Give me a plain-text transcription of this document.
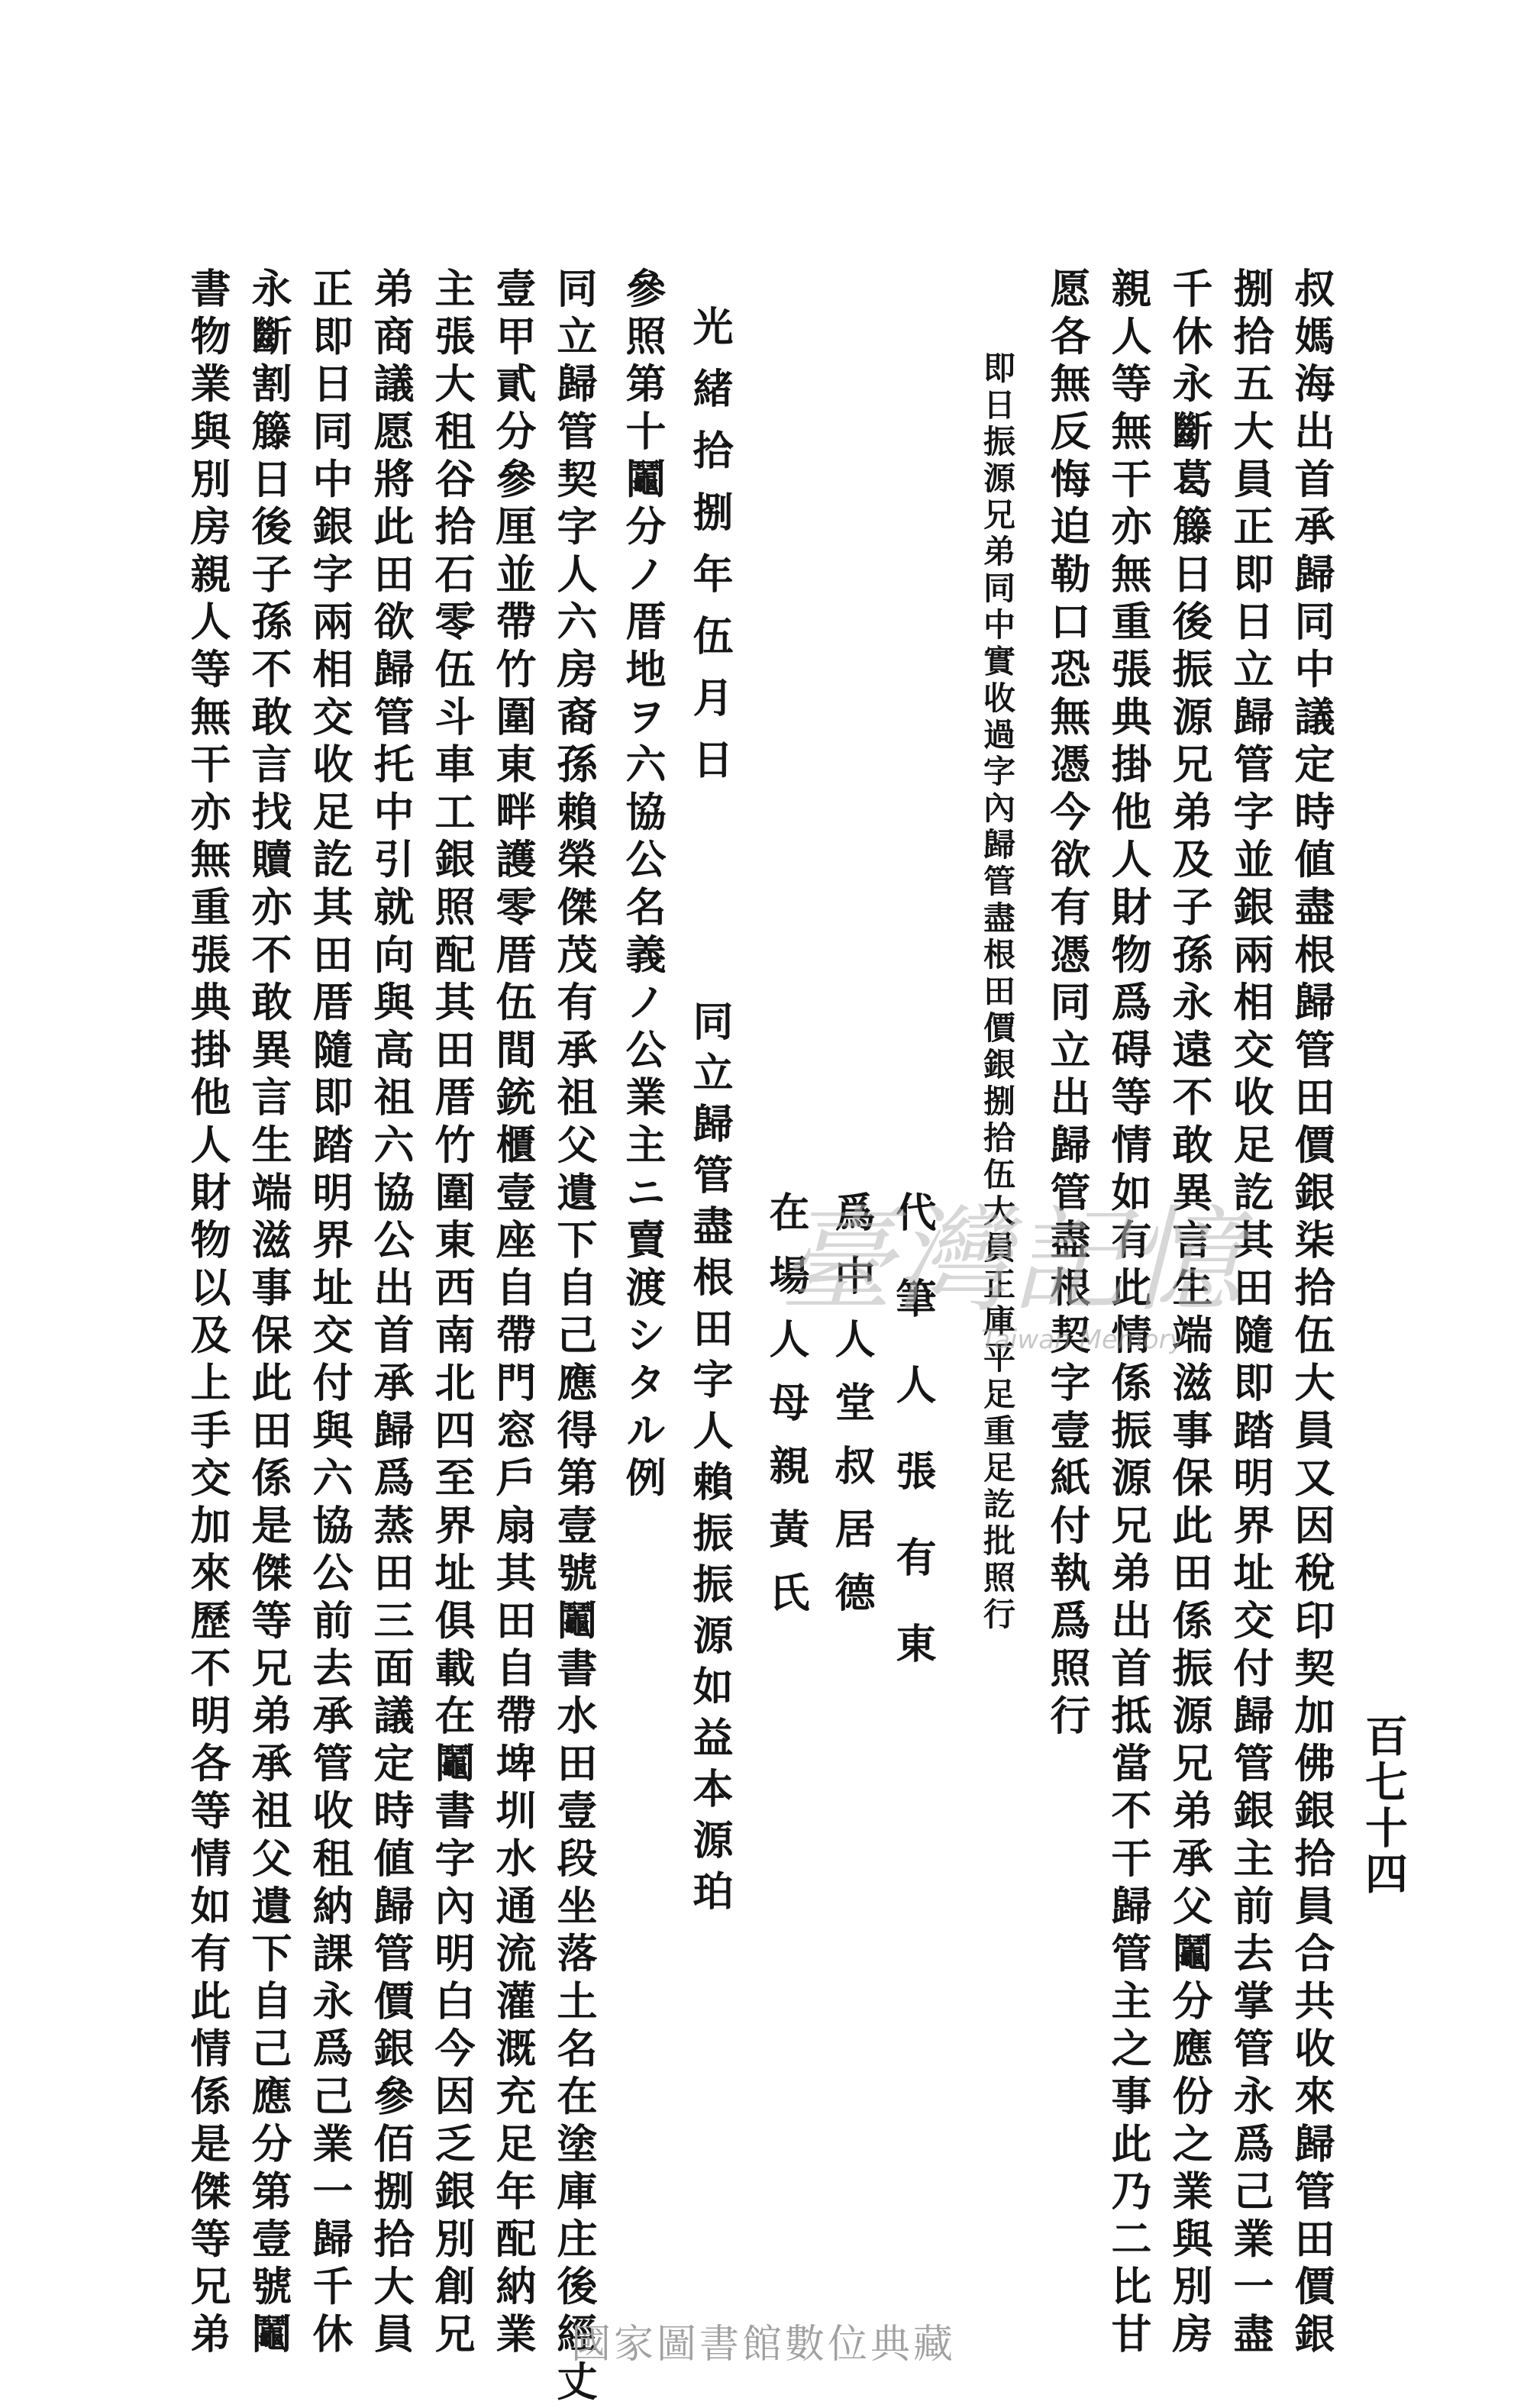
百七十四
叔媽海出首承歸同中議定時値盡根歸管田價銀柒拾伍大員又因稅印契加佛銀拾員合共收來歸管田價銀
捌拾五大員正即日立歸管字並銀兩相交收足訖其田隨即踏明界址交付歸管銀主前去掌管永爲己業一盡
千休永斷葛籐日後振源兄弟及子孫永遠不敢異言生端滋事保此田係振源兄弟承父鬮分應份之業與別房
親人等無干亦無重張典掛他人財物爲碍等情如有此情係振源兄弟出首抵當不干歸管主之事此乃二比甘
愿各無反悔迫勒口恐無憑今欲有憑同立出歸管盡根契字壹紙付執爲照行
即日振源兄弟同中實收過字內歸管盡根田價銀捌拾伍大員正庫平足重足訖批照行
代筆人張有東
爲中人堂叔居德
在場人母親黃氏
光緒拾捌年伍月日
同立歸管盡根田字人賴振振源如益本源珀
參照第十鬮分ノ厝地ヲ六協公名義ノ公業主ニ賣渡シタル例
同立歸管契字人六房裔孫賴榮傑茂有承祖父遺下自己應得第壹號鬮書水田壹段坐落土名在塗庫庄後經丈
壹甲貳分參厘並帶竹圍東畔護零厝伍間銃櫃壹座自帶門窓戶扇其田自帶埤圳水通流灌溉充足年配納業
主張大租谷拾石零伍斗車工銀照配其田厝竹圍東西南北四至界址俱載在鬮書字內明白今因乏銀別創兄
弟商議愿將此田欲歸管托中引就向與高祖六協公出首承歸爲蒸田三面議定時値歸管價銀參佰捌拾大員
正即日同中銀字兩相交收足訖其田厝隨即踏明界址交付與六協公前去承管收租納課永爲己業一歸千休
永斷割籐日後子孫不敢言找贖亦不敢異言生端滋事保此田係是傑等兄弟承祖父遺下自己應分第壹號鬮
書物業與別房親人等無干亦無重張典掛他人財物以及上手交加來歷不明各等情如有此情係是傑等兄弟	臺灣記憶
Taiwan Memory
國家圖書館數位典藏
